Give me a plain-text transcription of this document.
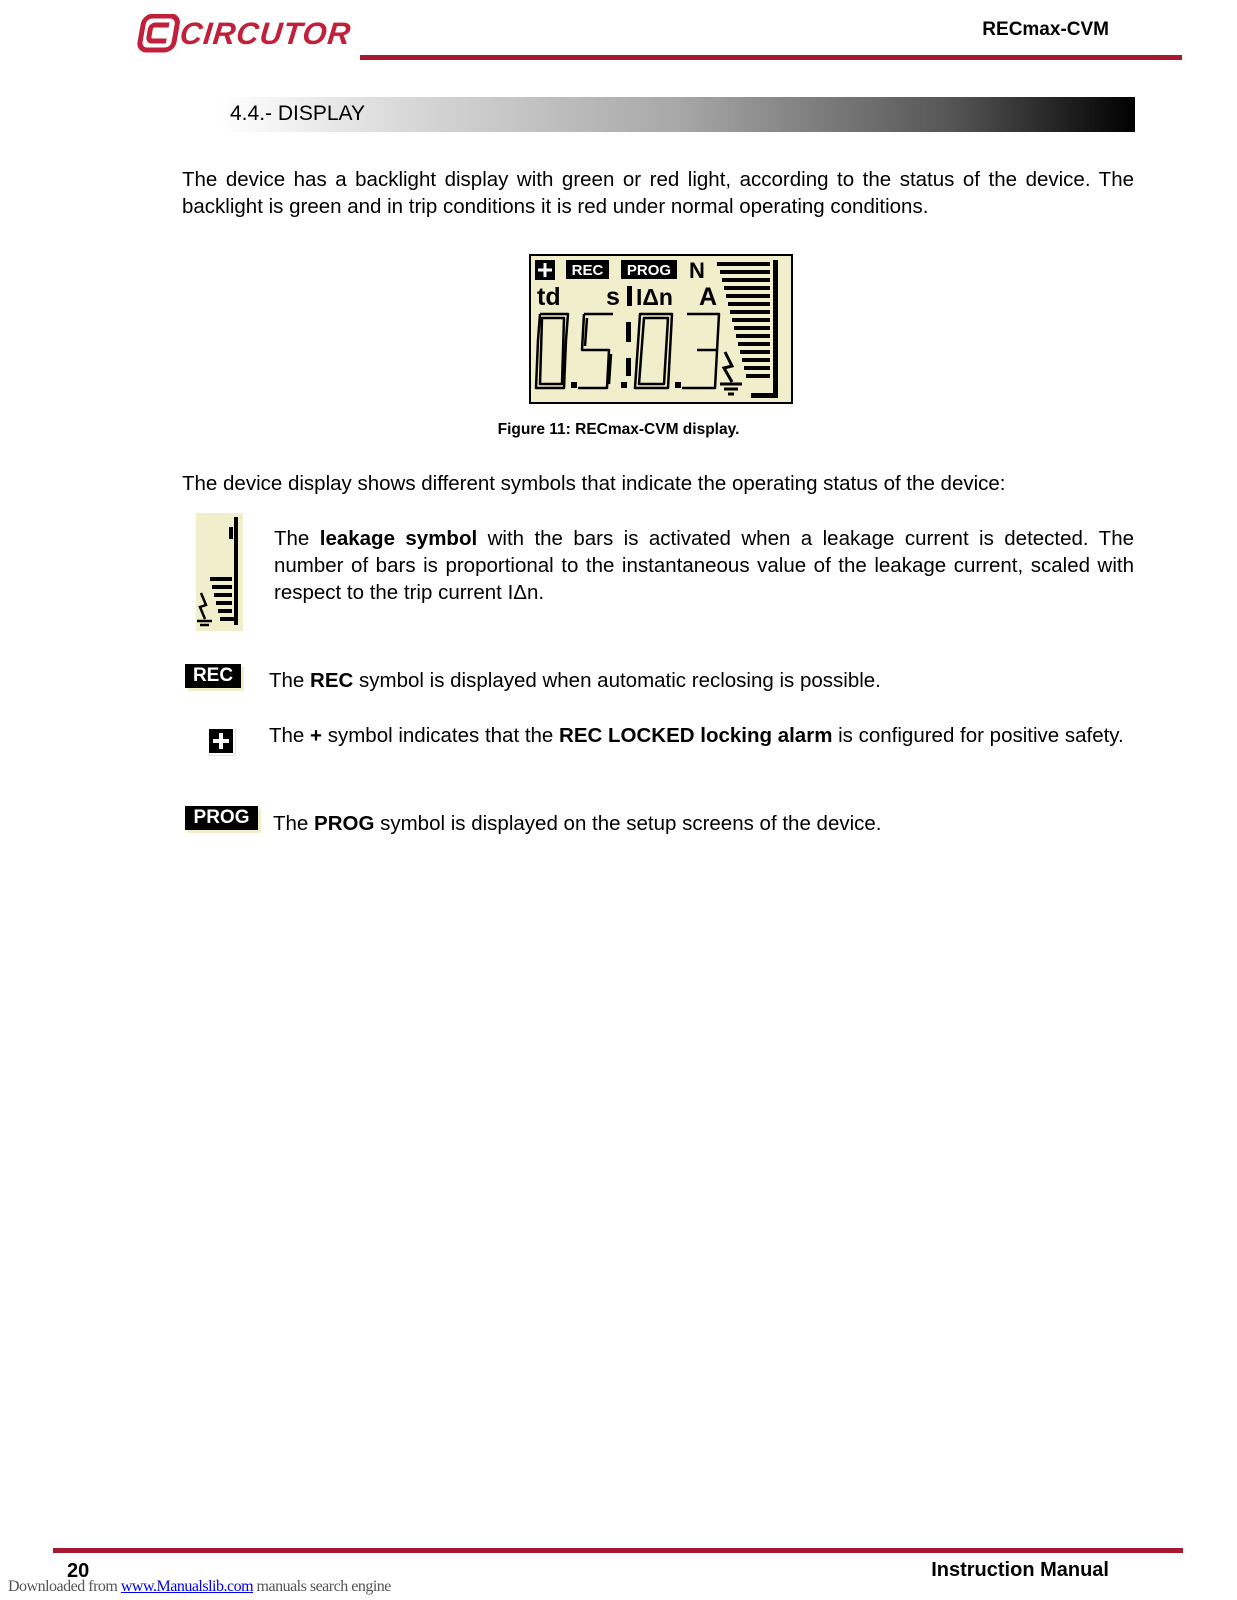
CIRCUTOR	RECmax-CVM
4.4.- DISPLAY

The device has a backlight display with green or red light, according to the status of the device. The backlight is green and in trip conditions it is red under normal operating conditions.

REC PROG N
td s IΔn A
Figure 11: RECmax-CVM display.

The device display shows different symbols that indicate the operating status of the device:

The leakage symbol with the bars is activated when a leakage current is detected. The number of bars is proportional to the instantaneous value of the leakage current, scaled with respect to the trip current IΔn.

REC	The REC symbol is displayed when automatic reclosing is possible.

The + symbol indicates that the REC LOCKED locking alarm is configured for positive safety.

PROG	The PROG symbol is displayed on the setup screens of the device.

20	Instruction Manual
Downloaded from www.Manualslib.com manuals search engine
